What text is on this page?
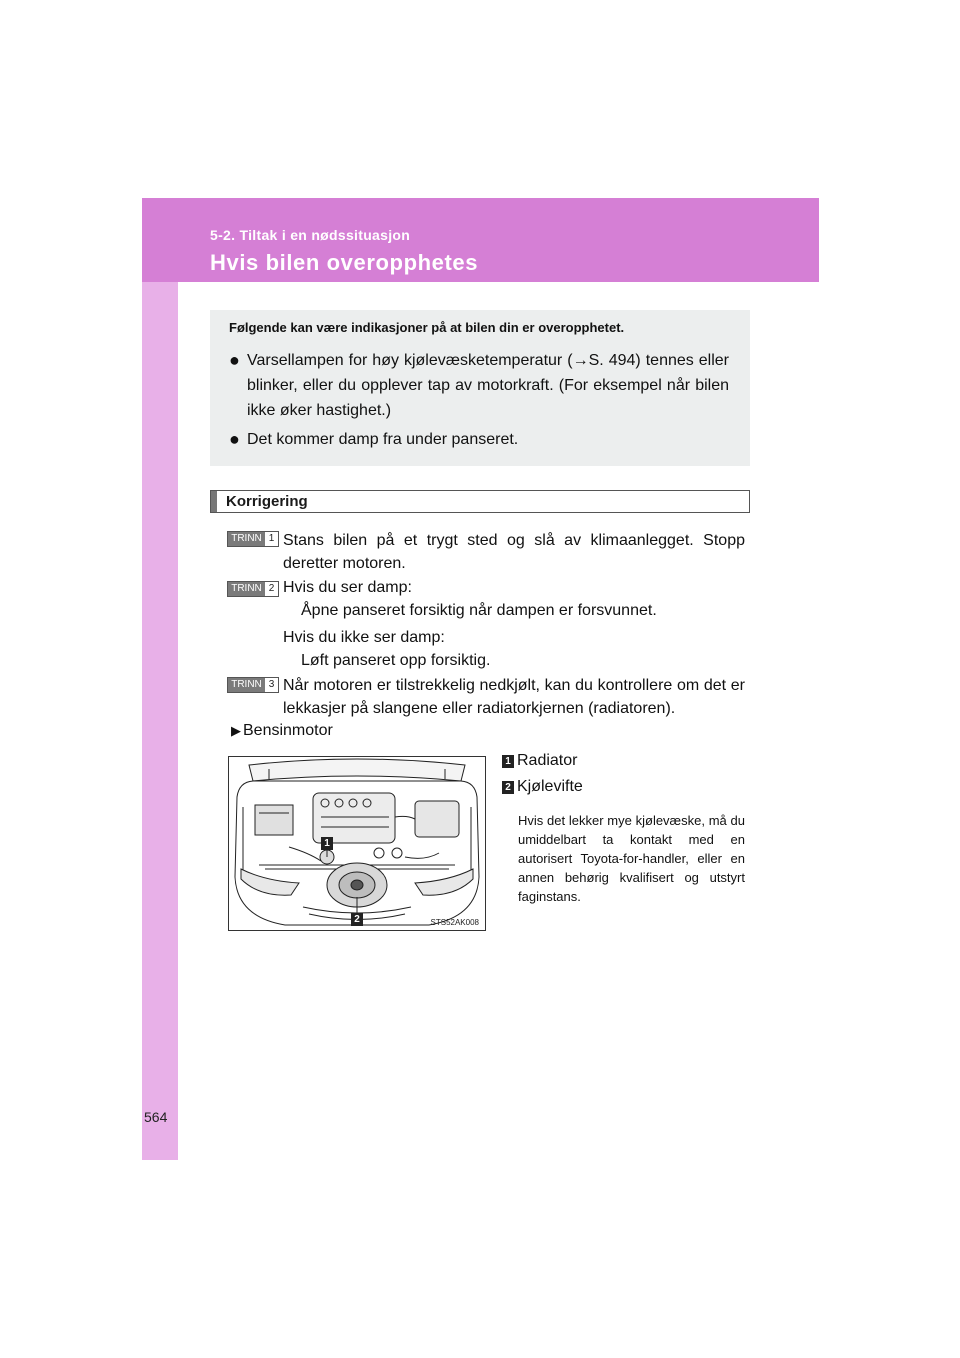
5-2. Tiltak i en nødssituasjon
Hvis bilen overopphetes
Følgende kan være indikasjoner på at bilen din er overopphetet.
● Varsellampen for høy kjølevæsketemperatur (→S. 494) tennes eller blinker, eller du opplever tap av motorkraft. (For eksempel når bilen ikke øker hastighet.)
● Det kommer damp fra under panseret.
Korrigering
TRINN 1 Stans bilen på et trygt sted og slå av klimaanlegget. Stopp deretter motoren.
TRINN 2 Hvis du ser damp:
Åpne panseret forsiktig når dampen er forsvunnet.
Hvis du ikke ser damp:
Løft panseret opp forsiktig.
TRINN 3 Når motoren er tilstrekkelig nedkjølt, kan du kontrollere om det er lekkasjer på slangene eller radiatorkjernen (radiatoren).
▶ Bensinmotor
1
2	STS52AK008
1 Radiator
2 Kjølevifte
Hvis det lekker mye kjølevæske, må du umiddelbart ta kontakt med en autorisert Toyota-for-handler, eller en annen behørig kvalifisert og utstyrt faginstans.
564
